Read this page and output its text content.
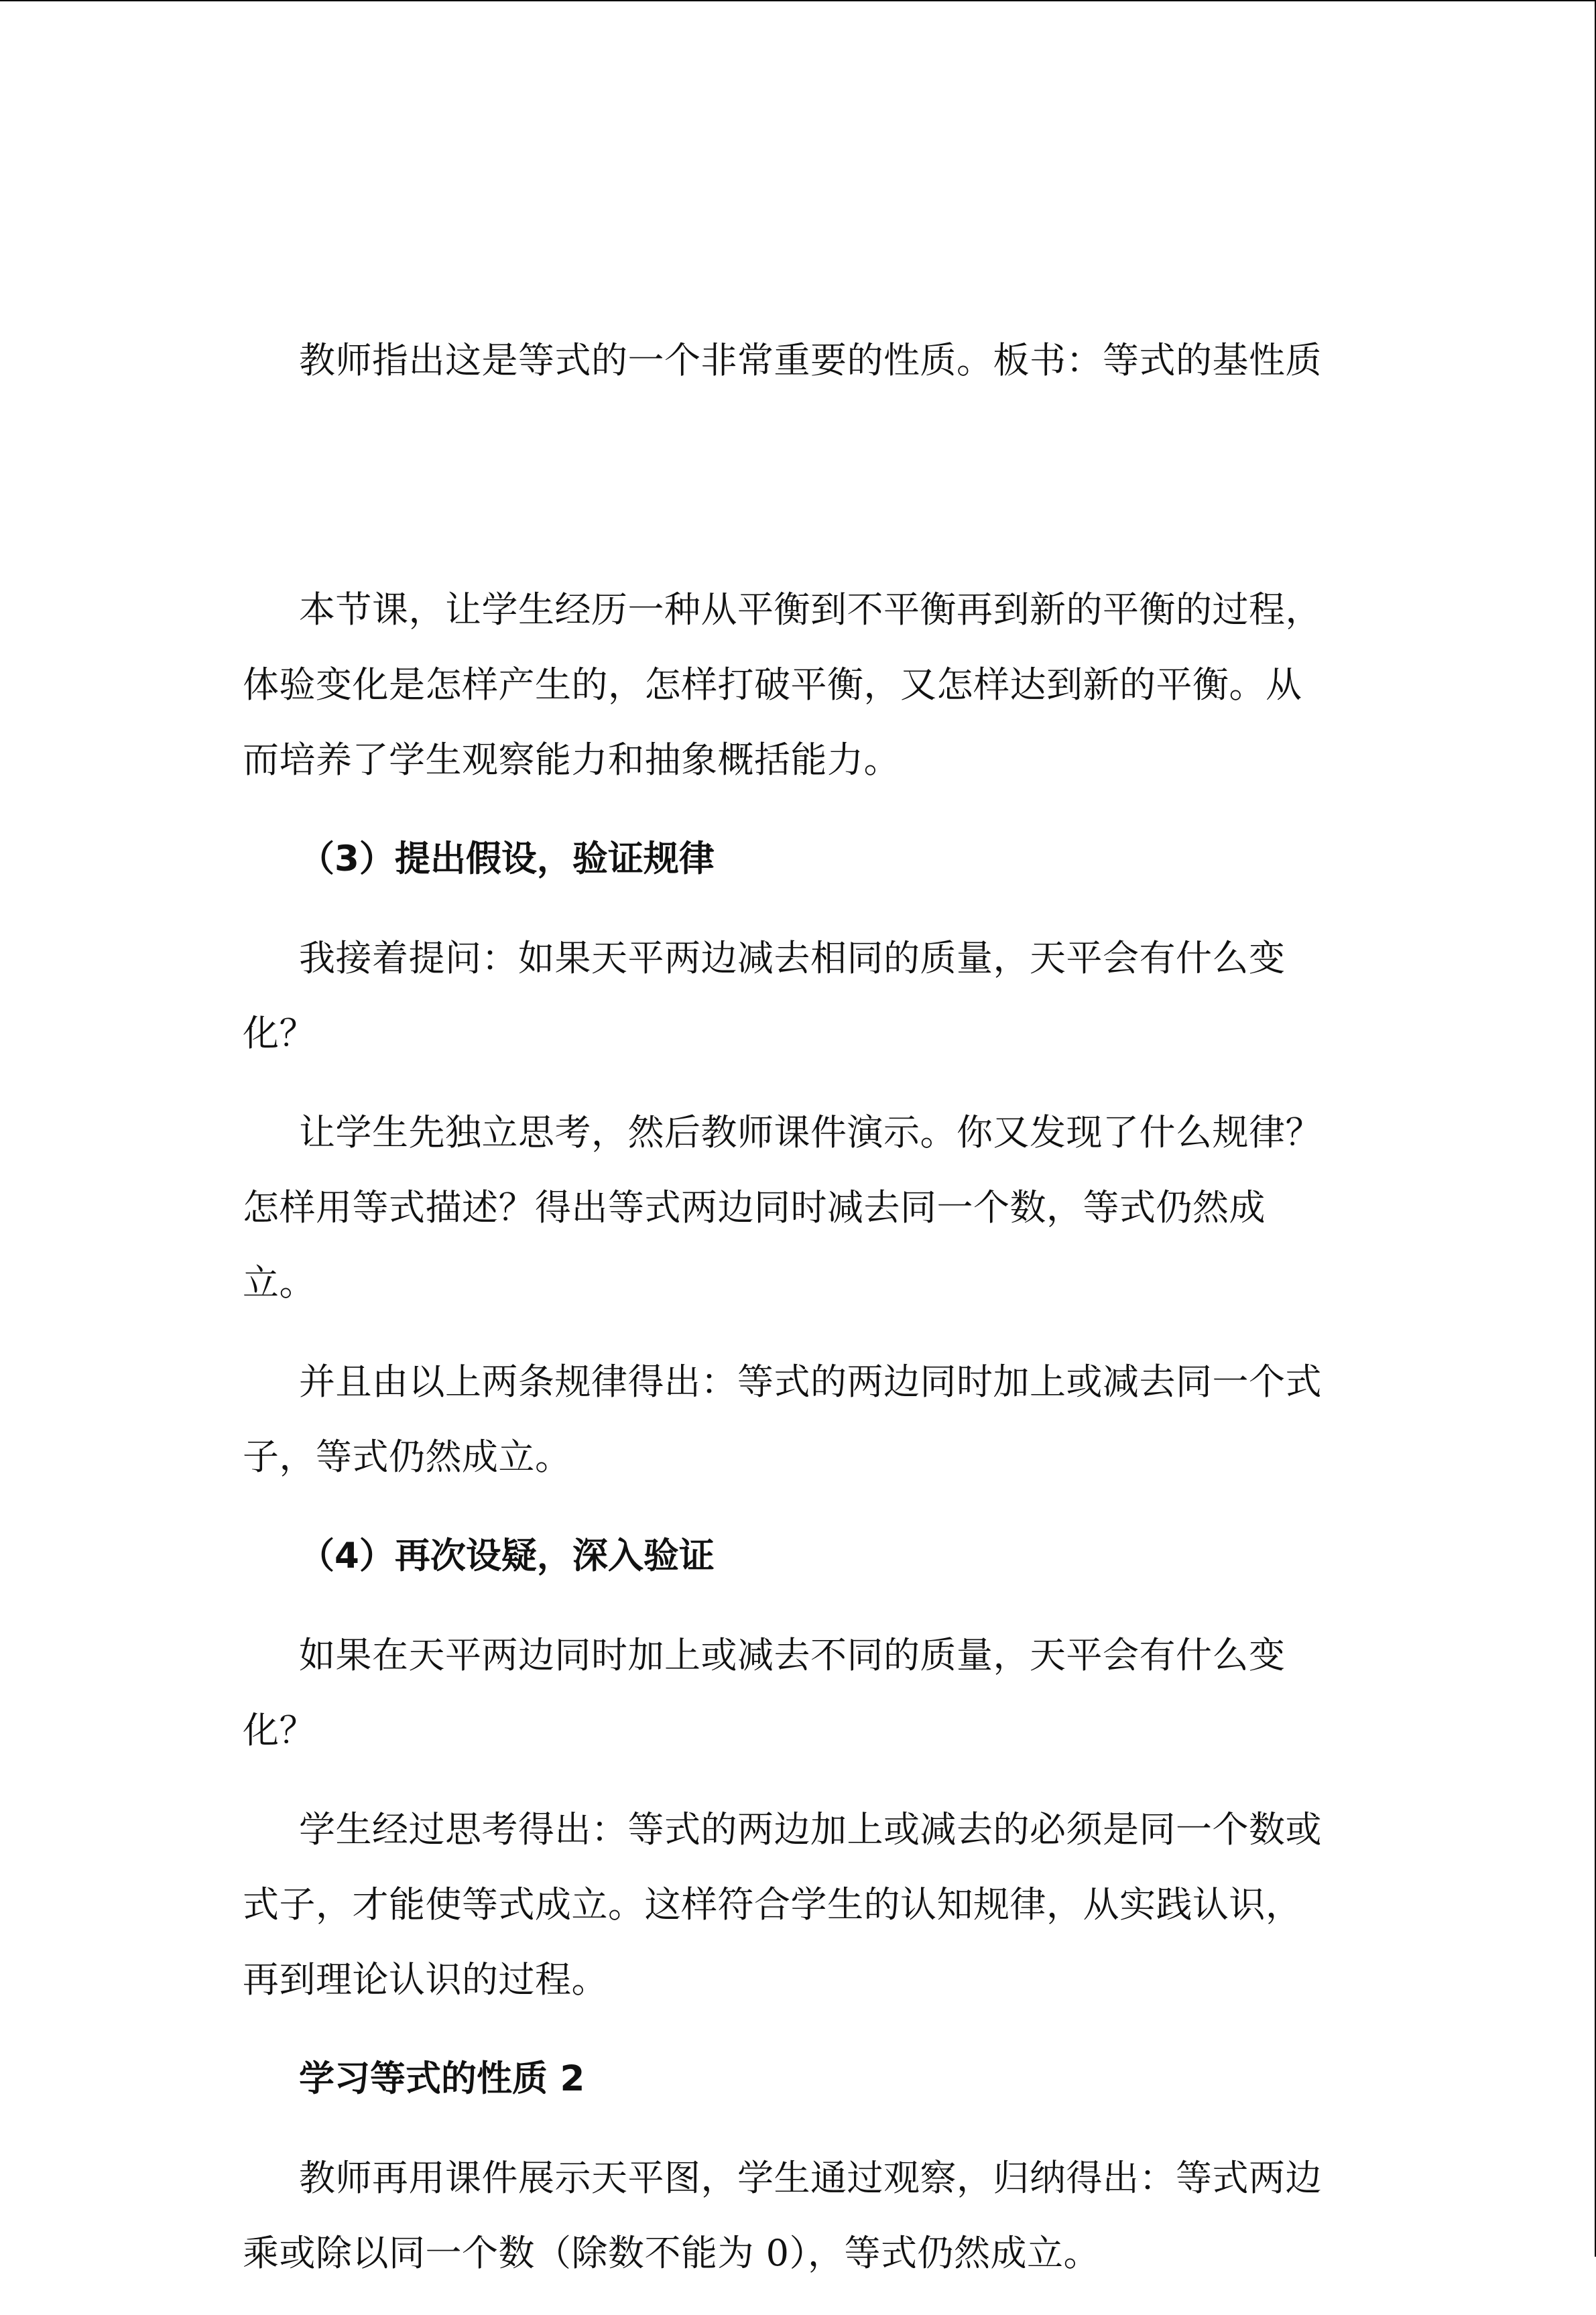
教师指出这是等式的一个非常重要的性质。板书：等式的基性质

本节课，让学生经历一种从平衡到不平衡再到新的平衡的过程，
体验变化是怎样产生的，怎样打破平衡，又怎样达到新的平衡。从
而培养了学生观察能力和抽象概括能力。

（3）提出假设，验证规律

我接着提问：如果天平两边减去相同的质量，天平会有什么变
化？

让学生先独立思考，然后教师课件演示。你又发现了什么规律？
怎样用等式描述？得出等式两边同时减去同一个数，等式仍然成
立。

并且由以上两条规律得出：等式的两边同时加上或减去同一个式
子，等式仍然成立。

（4）再次设疑，深入验证

如果在天平两边同时加上或减去不同的质量，天平会有什么变
化？

学生经过思考得出：等式的两边加上或减去的必须是同一个数或
式子，才能使等式成立。这样符合学生的认知规律，从实践认识，
再到理论认识的过程。

学习等式的性质 2

教师再用课件展示天平图，学生通过观察，归纳得出：等式两边
乘或除以同一个数（除数不能为 0），等式仍然成立。
